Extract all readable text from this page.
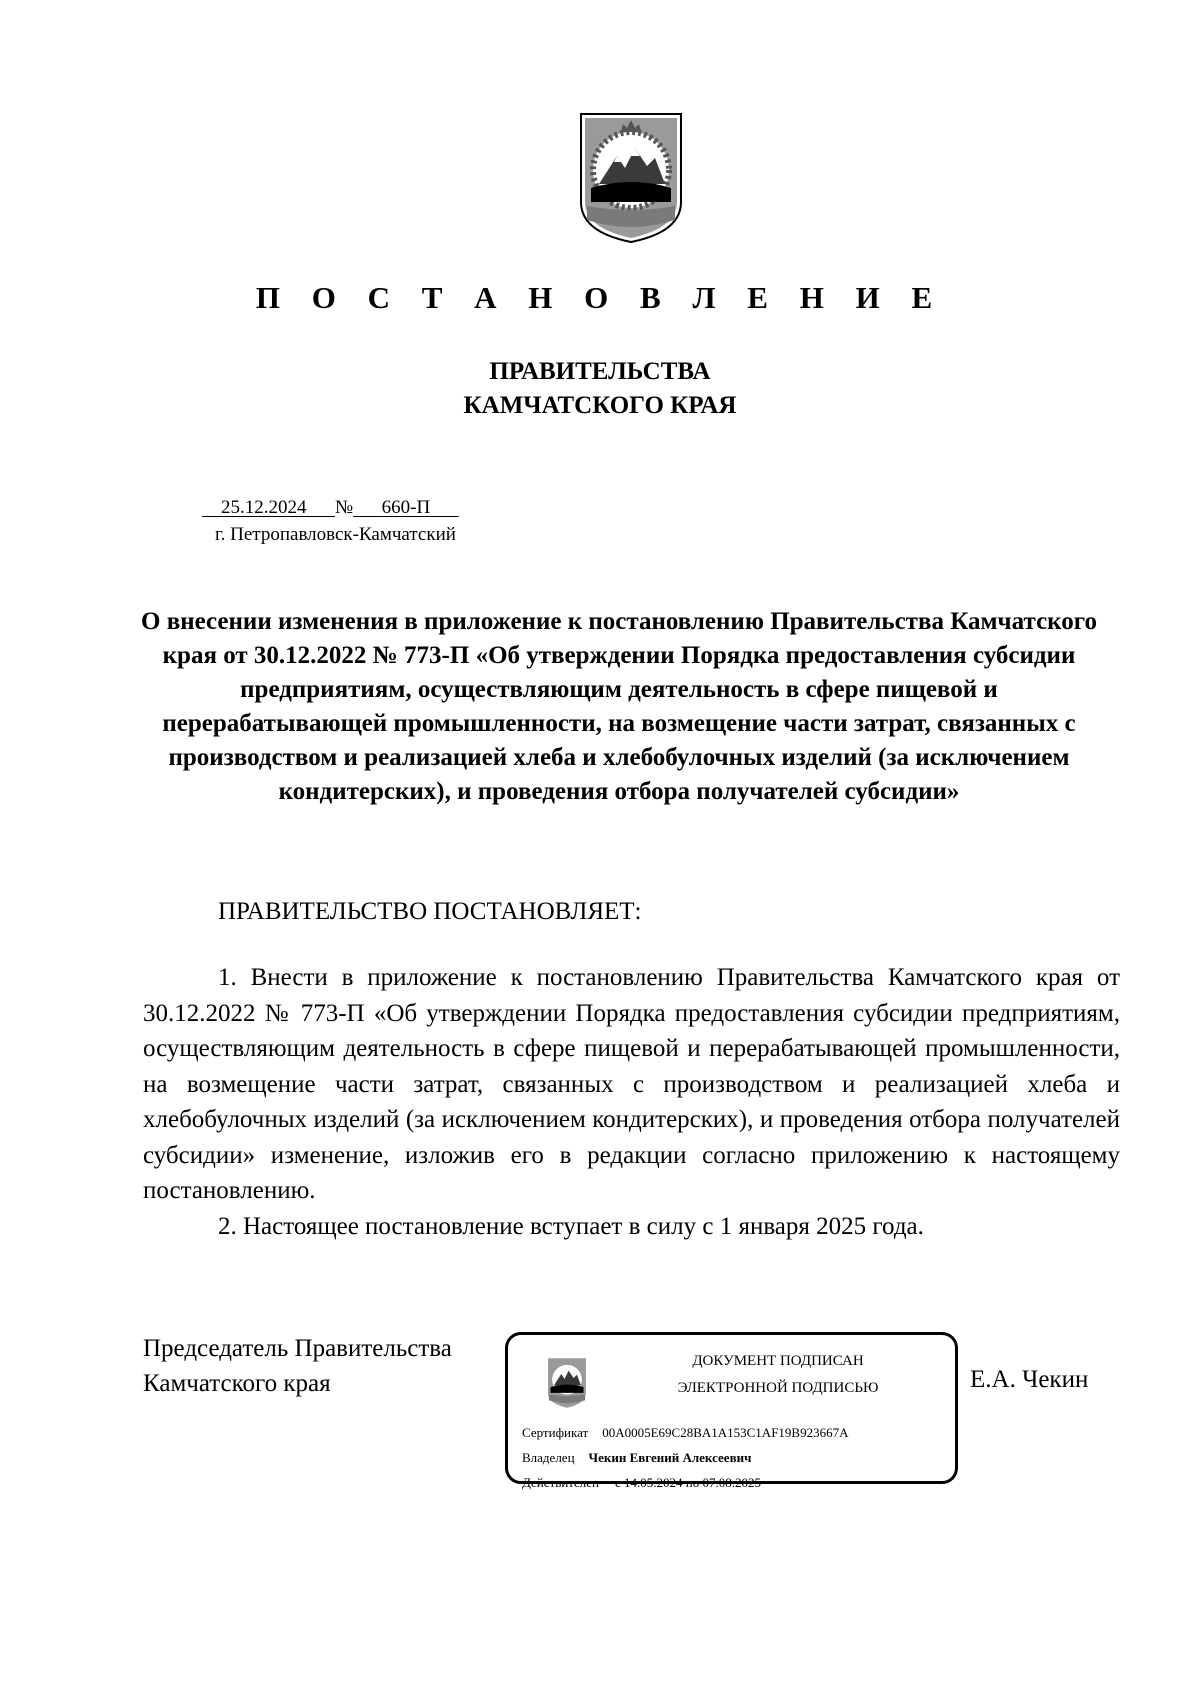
П О С Т А Н О В Л Е Н И Е
ПРАВИТЕЛЬСТВА
КАМЧАТСКОГО КРАЯ
25.12.2024 № 660-П
г. Петропавловск-Камчатский
О внесении изменения в приложение к постановлению Правительства Камчатского края от 30.12.2022 № 773-П «Об утверждении Порядка предоставления субсидии предприятиям, осуществляющим деятельность в сфере пищевой и перерабатывающей промышленности, на возмещение части затрат, связанных с производством и реализацией хлеба и хлебобулочных изделий (за исключением кондитерских), и проведения отбора получателей субсидии»
ПРАВИТЕЛЬСТВО ПОСТАНОВЛЯЕТ:

1. Внести в приложение к постановлению Правительства Камчатского края от 30.12.2022 № 773-П «Об утверждении Порядка предоставления субсидии предприятиям, осуществляющим деятельность в сфере пищевой и перерабатывающей промышленности, на возмещение части затрат, связанных с производством и реализацией хлеба и хлебобулочных изделий (за исключением кондитерских), и проведения отбора получателей субсидии» изменение, изложив его в редакции согласно приложению к настоящему постановлению.

2. Настоящее постановление вступает в силу с 1 января 2025 года.

Председатель Правительства
Камчатского края
ДОКУМЕНТ ПОДПИСАН
ЭЛЕКТРОННОЙ ПОДПИСЬЮ
Сертификат 00A0005E69C28BA1A153C1AF19B923667A
Владелец Чекин Евгений Алексеевич
Действителен с 14.05.2024 по 07.08.2025
Е.А. Чекин
